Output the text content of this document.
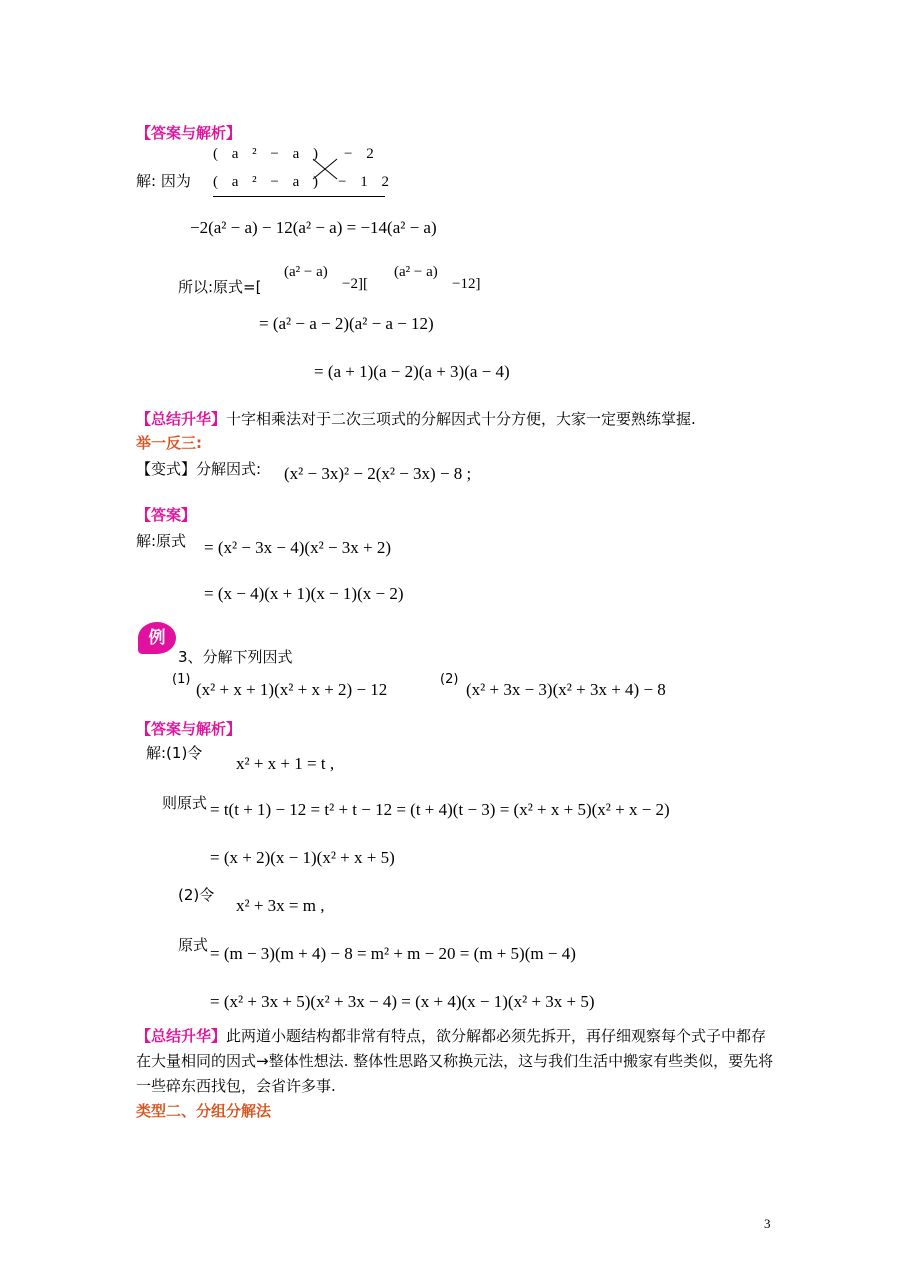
【答案与解析】
( a ² − a ) − 2
解: 因为 ( a ² − a ) − 1 2
−2(a² − a) − 12(a² − a) = −14(a² − a)
所以:原式=[
(a² − a)
−2][
(a² − a)
−12]
= (a² − a − 2)(a² − a − 12)
= (a + 1)(a − 2)(a + 3)(a − 4)
【总结升华】十字相乘法对于二次三项式的分解因式十分方便，大家一定要熟练掌握.
举一反三:
【变式】分解因式: (x² − 3x)² − 2(x² − 3x) − 8 ;
【答案】
解:原式 = (x² − 3x − 4)(x² − 3x + 2)
= (x − 4)(x + 1)(x − 1)(x − 2)
例
3、分解下列因式
(1)
(x² + x + 1)(x² + x + 2) − 12
(2)
(x² + 3x − 3)(x² + 3x + 4) − 8
【答案与解析】
解:(1)令
x² + x + 1 = t ,
则原式 = t(t + 1) − 12 = t² + t − 12 = (t + 4)(t − 3) = (x² + x + 5)(x² + x − 2)
= (x + 2)(x − 1)(x² + x + 5)
(2)令
x² + 3x = m ,
原式 = (m − 3)(m + 4) − 8 = m² + m − 20 = (m + 5)(m − 4)
= (x² + 3x + 5)(x² + 3x − 4) = (x + 4)(x − 1)(x² + 3x + 5)
【总结升华】此两道小题结构都非常有特点，欲分解都必须先拆开，再仔细观察每个式子中都存在大量相同的因式→整体性想法. 整体性思路又称换元法，这与我们生活中搬家有些类似，要先将一些碎东西找包，会省许多事.
类型二、分组分解法
3
